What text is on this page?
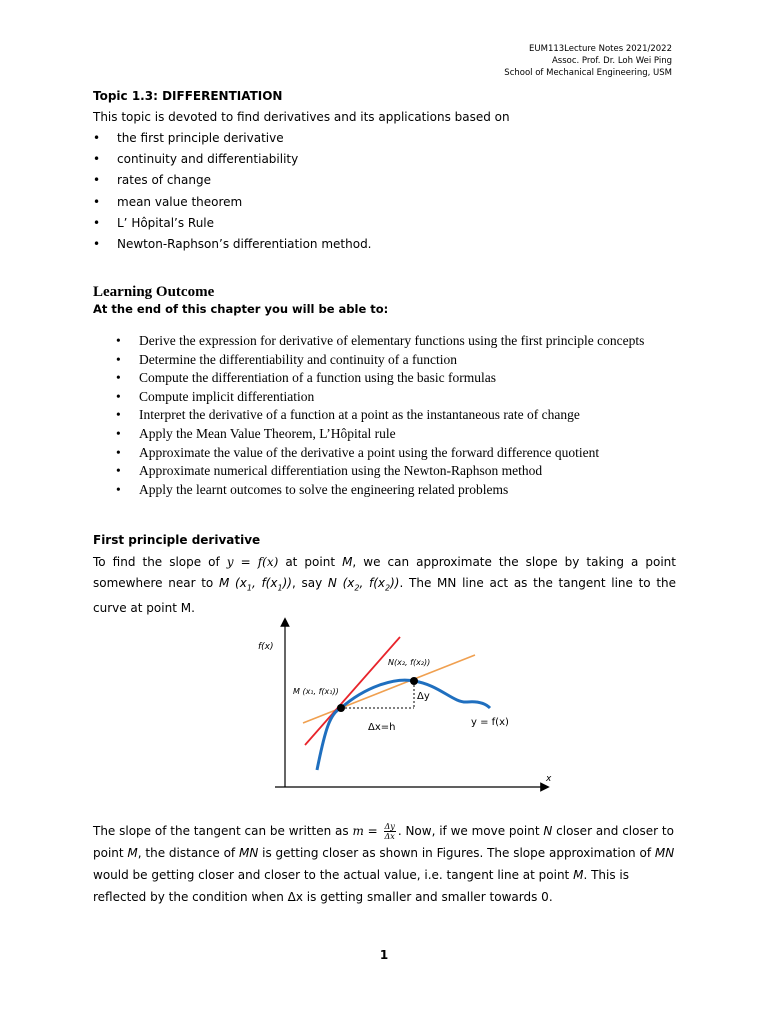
EUM113Lecture Notes 2021/2022
Assoc. Prof. Dr. Loh Wei Ping
School of Mechanical Engineering, USM
Topic 1.3: DIFFERENTIATION
This topic is devoted to find derivatives and its applications based on
• the first principle derivative
• continuity and differentiability
• rates of change
• mean value theorem
• L’ Hôpital’s Rule
• Newton-Raphson’s differentiation method.
Learning Outcome
At the end of this chapter you will be able to:
• Derive the expression for derivative of elementary functions using the first principle concepts
• Determine the differentiability and continuity of a function
• Compute the differentiation of a function using the basic formulas
• Compute implicit differentiation
• Interpret the derivative of a function at a point as the instantaneous rate of change
• Apply the Mean Value Theorem, L’Hôpital rule
• Approximate the value of the derivative a point using the forward difference quotient
• Approximate numerical differentiation using the Newton-Raphson method
• Apply the learnt outcomes to solve the engineering related problems
First principle derivative
To find the slope of y = f(x) at point M, we can approximate the slope by taking a point somewhere near to M ($x_1$, $f(x_1)$), say N ($x_2$, $f(x_2)$). The MN line act as the tangent line to the curve at point M.
f(x)
x
M (x₁, f(x₁))
N(x₂, f(x₂))
Δy
Δx=h	y = f(x)
The slope of the tangent can be written as $m = \frac{\Delta y}{\Delta x}$ . Now, if we move point N closer and closer to point M, the distance of MN is getting closer as shown in Figures. The slope approximation of MN would be getting closer and closer to the actual value, i.e. tangent line at point M. This is reflected by the condition when Δx is getting smaller and smaller towards 0.
1
